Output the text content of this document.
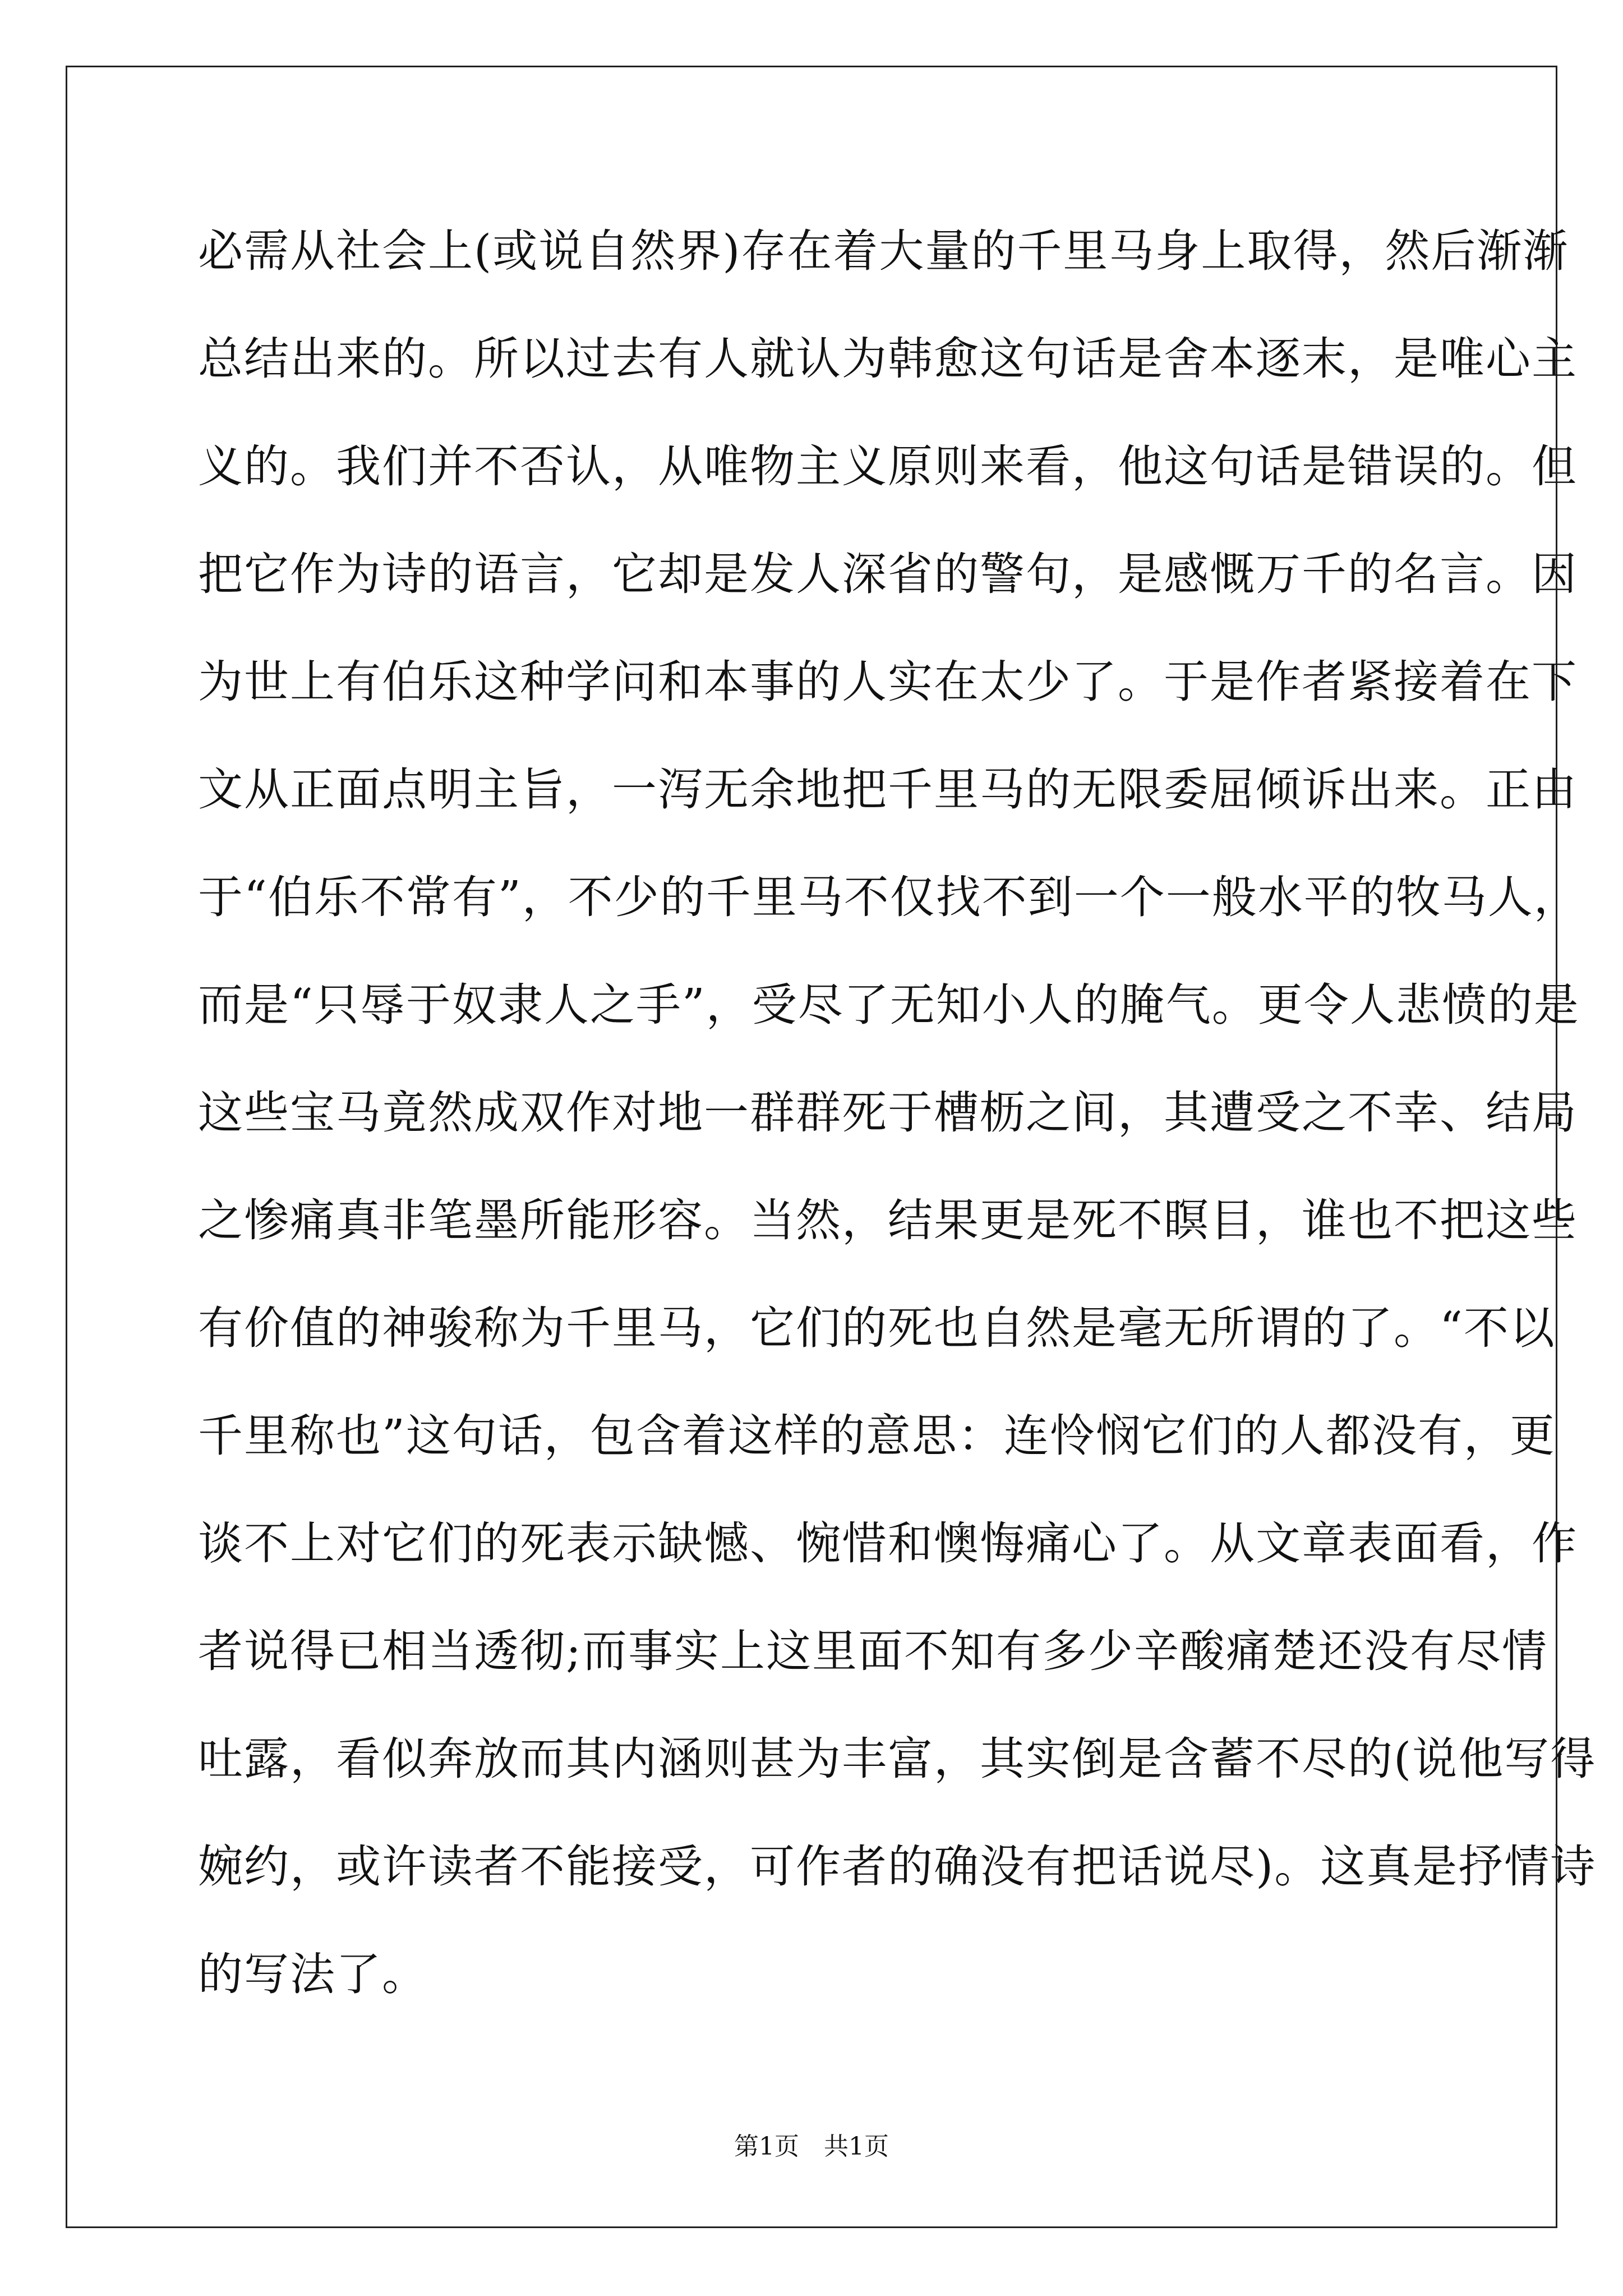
必需从社会上(或说自然界)存在着大量的千里马身上取得，然后渐渐
总结出来的。所以过去有人就认为韩愈这句话是舍本逐末，是唯心主
义的。我们并不否认，从唯物主义原则来看，他这句话是错误的。但
把它作为诗的语言，它却是发人深省的警句，是感慨万千的名言。因
为世上有伯乐这种学问和本事的人实在太少了。于是作者紧接着在下
文从正面点明主旨，一泻无余地把千里马的无限委屈倾诉出来。正由
于“伯乐不常有”，不少的千里马不仅找不到一个一般水平的牧马人，
而是“只辱于奴隶人之手”，受尽了无知小人的腌气。更令人悲愤的是
这些宝马竟然成双作对地一群群死于槽枥之间，其遭受之不幸、结局
之惨痛真非笔墨所能形容。当然，结果更是死不瞑目，谁也不把这些
有价值的神骏称为千里马，它们的死也自然是毫无所谓的了。“不以
千里称也”这句话，包含着这样的意思：连怜悯它们的人都没有，更
谈不上对它们的死表示缺憾、惋惜和懊悔痛心了。从文章表面看，作
者说得已相当透彻;而事实上这里面不知有多少辛酸痛楚还没有尽情
吐露，看似奔放而其内涵则甚为丰富，其实倒是含蓄不尽的(说他写得
婉约，或许读者不能接受，可作者的确没有把话说尽)。这真是抒情诗
的写法了。
第1页　共1页
